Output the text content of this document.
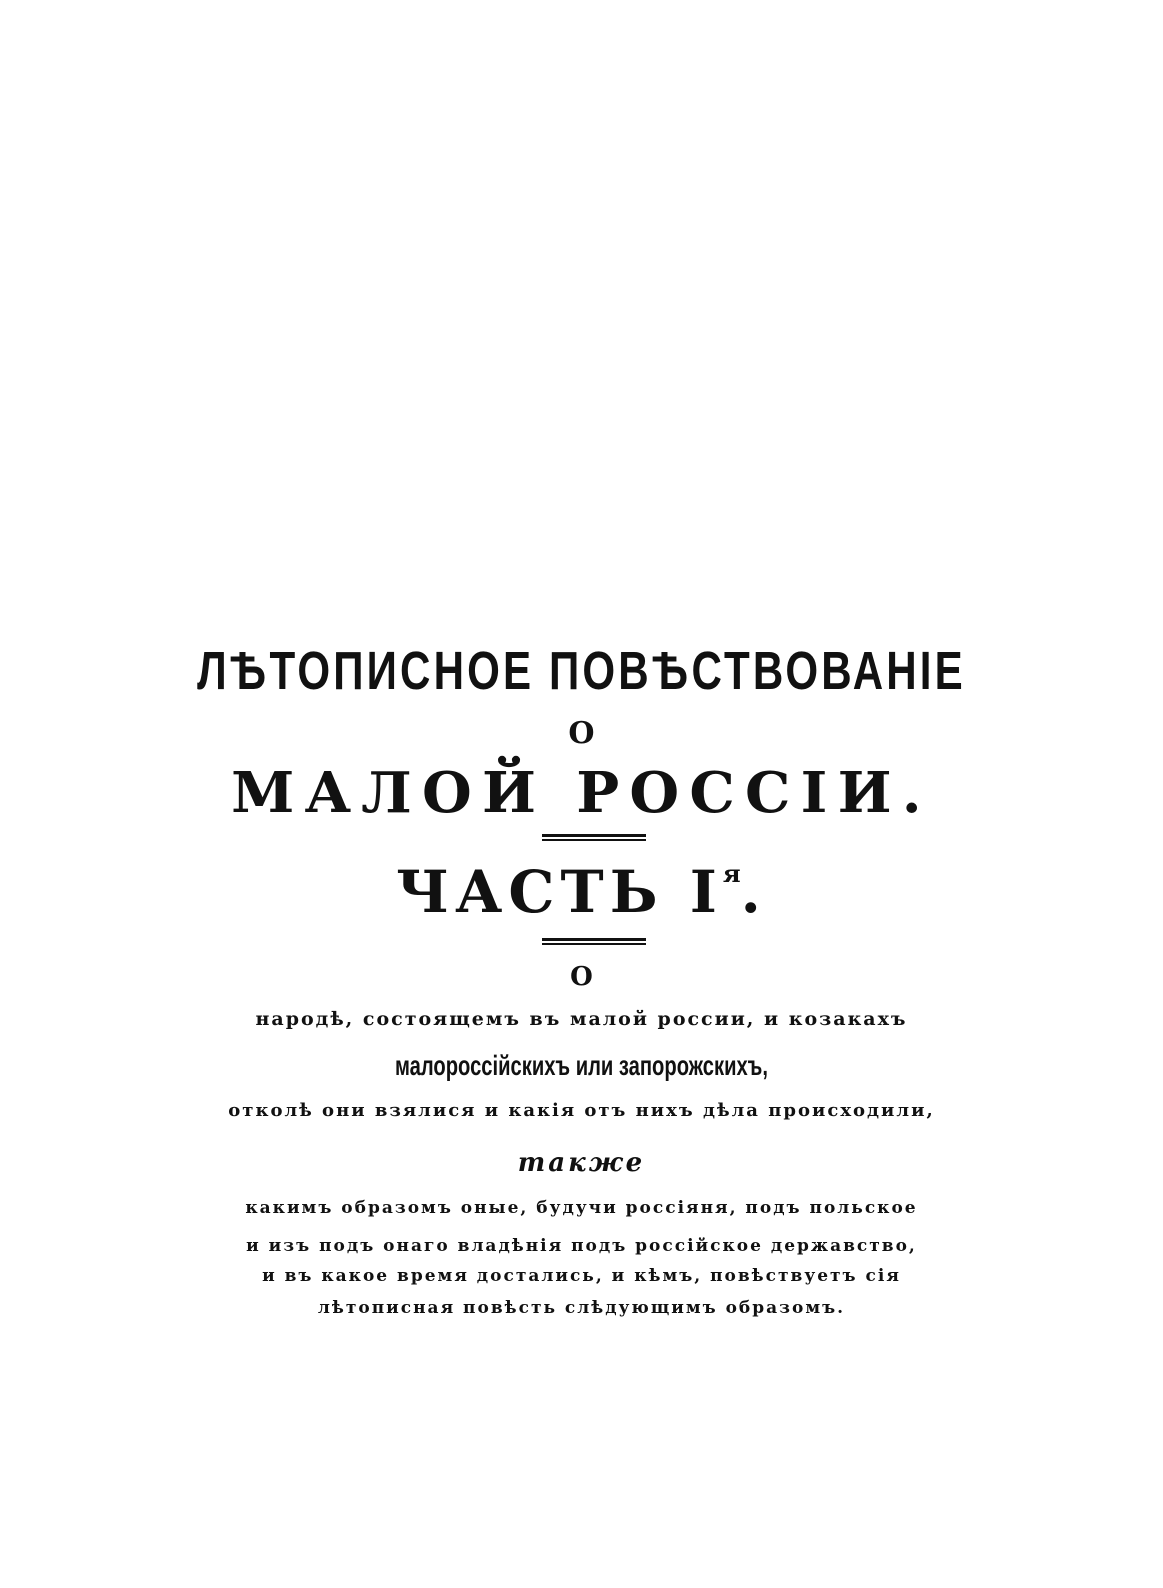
ЛѢТОПИСНОЕ ПОВѢСТВОВАНІЕ
О
МАЛОЙ РОССІИ.
ЧАСТЬ $І^я$.
О
народѣ, состоящемъ въ малой россии, и козакахъ
малороссійскихъ или запорожскихъ,
отколѣ они взялися и какія отъ нихъ дѣла происходили,
также
какимъ образомъ оные, будучи россіяня, подъ польское
и изъ подъ онаго владѣнія подъ россійское державство,
и въ какое время достались, и кѣмъ, повѣствуетъ сія
лѣтописная повѣсть слѣдующимъ образомъ.
